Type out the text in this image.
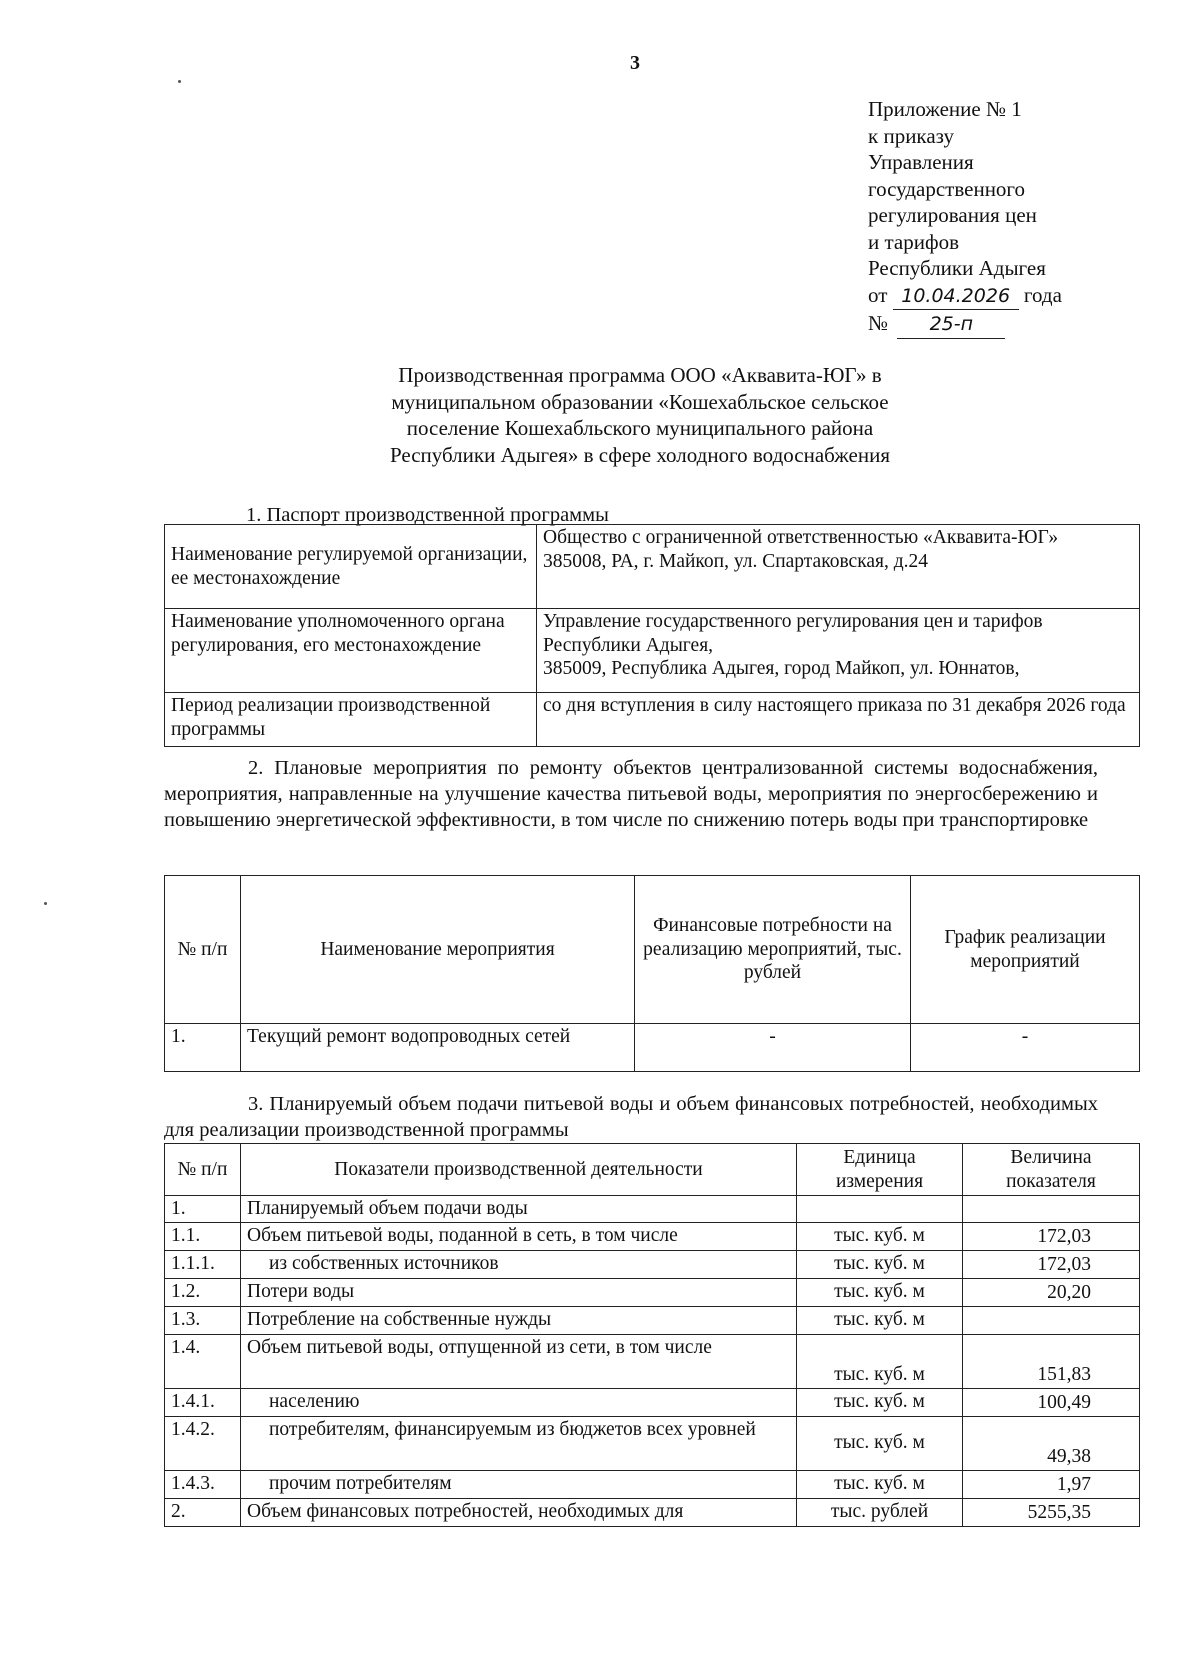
3
Приложение № 1
к приказу
Управления
государственного
регулирования цен
и тарифов
Республики Адыгея
от 10.04.2026 года
№ 25-п
Производственная программа ООО «Аквавита-ЮГ» в
муниципальном образовании «Кошехабльское сельское
поселение Кошехабльского муниципального района
Республики Адыгея» в сфере холодного водоснабжения
1. Паспорт производственной программы
Наименование регулируемой организации, ее местонахождение	Общество с ограниченной ответственностью «Аквавита-ЮГ»
385008, РА, г. Майкоп, ул. Спартаковская, д.24

Наименование уполномоченного органа регулирования, его местонахождение	Управление государственного регулирования цен и тарифов Республики Адыгея,
385009, Республика Адыгея, город Майкоп, ул. Юннатов,

Период реализации производственной программы	со дня вступления в силу настоящего приказа по 31 декабря 2026 года
2. Плановые мероприятия по ремонту объектов централизованной системы водоснабжения, мероприятия, направленные на улучшение качества питьевой воды, мероприятия по энергосбережению и повышению энергетической эффективности, в том числе по снижению потерь воды при транспортировке
№ п/п	Наименование мероприятия	Финансовые потребности на реализацию мероприятий, тыс. рублей	График реализации мероприятий
1.	Текущий ремонт водопроводных сетей	-	-
3. Планируемый объем подачи питьевой воды и объем финансовых потребностей, необходимых для реализации производственной программы
№ п/п	Показатели производственной деятельности	Единица измерения	Величина показателя
1.	Планируемый объем подачи воды		
1.1.	Объем питьевой воды, поданной в сеть, в том числе	тыс. куб. м	172,03
1.1.1.	из собственных источников	тыс. куб. м	172,03
1.2.	Потери воды	тыс. куб. м	20,20
1.3.	Потребление на собственные нужды	тыс. куб. м	
1.4.	Объем питьевой воды, отпущенной из сети, в том числе	тыс. куб. м	151,83
1.4.1.	населению	тыс. куб. м	100,49
1.4.2.	потребителям, финансируемым из бюджетов всех уровней	тыс. куб. м	49,38
1.4.3.	прочим потребителям	тыс. куб. м	1,97
2.	Объем финансовых потребностей, необходимых для	тыс. рублей	5255,35
